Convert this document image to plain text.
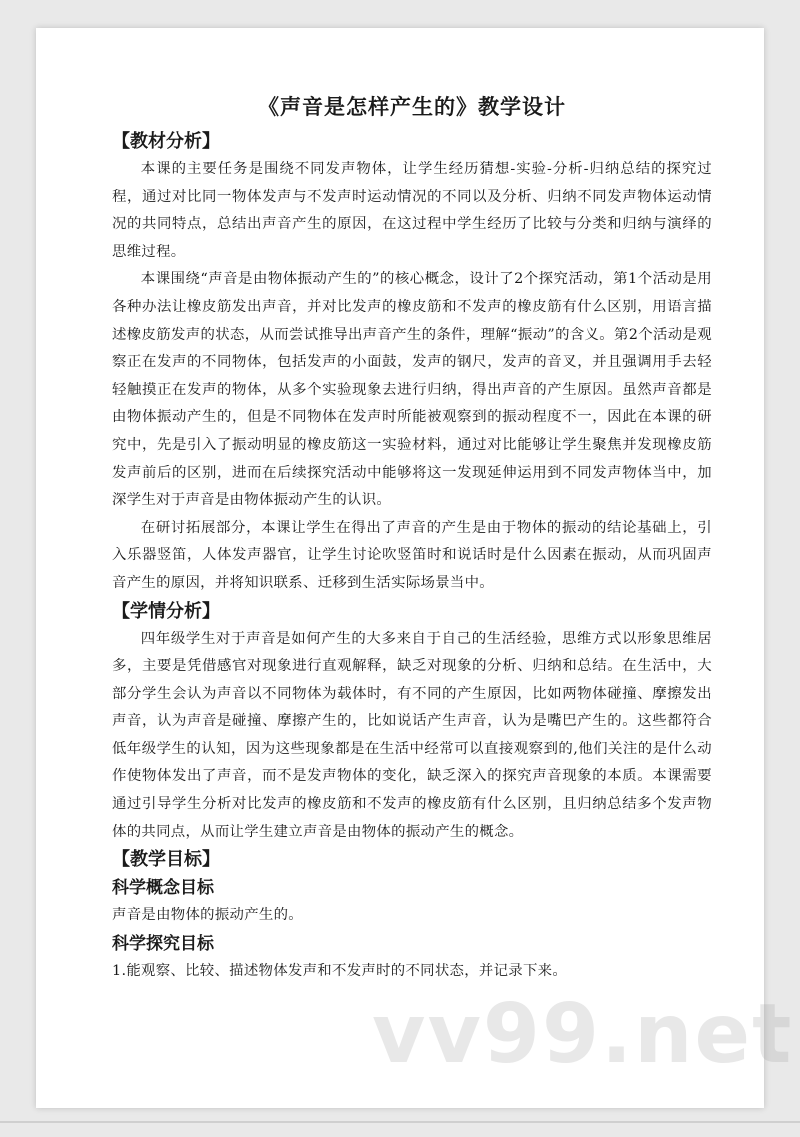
《声音是怎样产生的》教学设计
【教材分析】

本课的主要任务是围绕不同发声物体，让学生经历猜想-实验-分析-归纳总结的探究过程，通过对比同一物体发声与不发声时运动情况的不同以及分析、归纳不同发声物体运动情况的共同特点，总结出声音产生的原因，在这过程中学生经历了比较与分类和归纳与演绎的思维过程。

本课围绕“声音是由物体振动产生的”的核心概念，设计了2个探究活动，第1个活动是用各种办法让橡皮筋发出声音，并对比发声的橡皮筋和不发声的橡皮筋有什么区别，用语言描述橡皮筋发声的状态，从而尝试推导出声音产生的条件，理解“振动”的含义。第2个活动是观察正在发声的不同物体，包括发声的小面鼓，发声的钢尺，发声的音叉，并且强调用手去轻轻触摸正在发声的物体，从多个实验现象去进行归纳，得出声音的产生原因。虽然声音都是由物体振动产生的，但是不同物体在发声时所能被观察到的振动程度不一，因此在本课的研究中，先是引入了振动明显的橡皮筋这一实验材料，通过对比能够让学生聚焦并发现橡皮筋发声前后的区别，进而在后续探究活动中能够将这一发现延伸运用到不同发声物体当中，加深学生对于声音是由物体振动产生的认识。

在研讨拓展部分，本课让学生在得出了声音的产生是由于物体的振动的结论基础上，引入乐器竖笛，人体发声器官，让学生讨论吹竖笛时和说话时是什么因素在振动，从而巩固声音产生的原因，并将知识联系、迁移到生活实际场景当中。

【学情分析】

四年级学生对于声音是如何产生的大多来自于自己的生活经验，思维方式以形象思维居多，主要是凭借感官对现象进行直观解释，缺乏对现象的分析、归纳和总结。在生活中，大部分学生会认为声音以不同物体为载体时，有不同的产生原因，比如两物体碰撞、摩擦发出声音，认为声音是碰撞、摩擦产生的，比如说话产生声音，认为是嘴巴产生的。这些都符合低年级学生的认知，因为这些现象都是在生活中经常可以直接观察到的,他们关注的是什么动作使物体发出了声音，而不是发声物体的变化，缺乏深入的探究声音现象的本质。本课需要通过引导学生分析对比发声的橡皮筋和不发声的橡皮筋有什么区别，且归纳总结多个发声物体的共同点，从而让学生建立声音是由物体的振动产生的概念。

【教学目标】
科学概念目标

声音是由物体的振动产生的。

科学探究目标

1.能观察、比较、描述物体发声和不发声时的不同状态，并记录下来。

vv99.net
